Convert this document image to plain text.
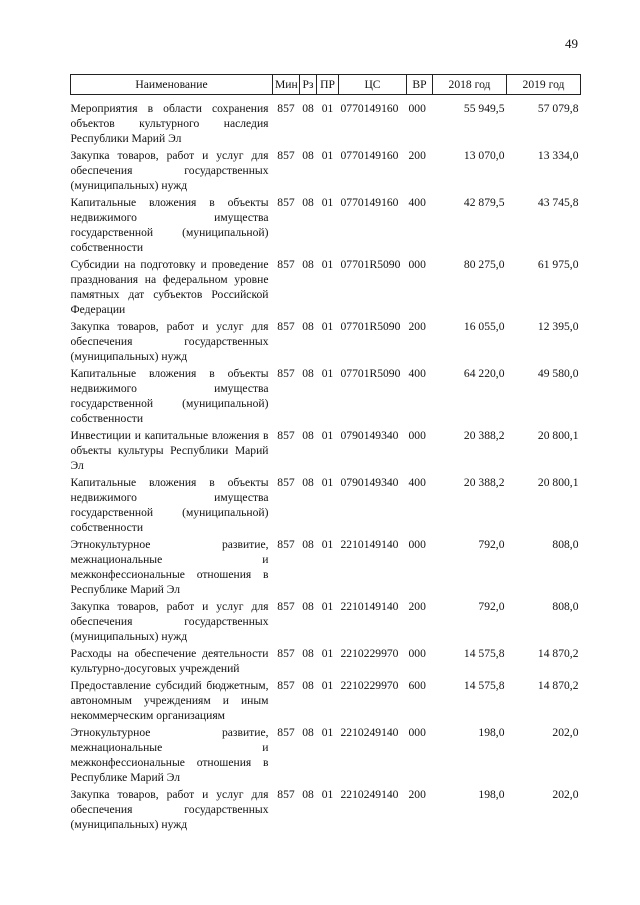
49
Наименование	Мин	Рз	ПР	ЦС	ВР	2018 год	2019 год
Мероприятия в области сохранения объектов культурного наследия Республики Марий Эл	857	08	01	0770149160	000	55 949,5	57 079,8
Закупка товаров, работ и услуг для обеспечения государственных (муниципальных) нужд	857	08	01	0770149160	200	13 070,0	13 334,0
Капитальные вложения в объекты недвижимого имущества государственной (муниципальной) собственности	857	08	01	0770149160	400	42 879,5	43 745,8
Субсидии на подготовку и проведение празднования на федеральном уровне памятных дат субъектов Российской Федерации	857	08	01	07701R5090	000	80 275,0	61 975,0
Закупка товаров, работ и услуг для обеспечения государственных (муниципальных) нужд	857	08	01	07701R5090	200	16 055,0	12 395,0
Капитальные вложения в объекты недвижимого имущества государственной (муниципальной) собственности	857	08	01	07701R5090	400	64 220,0	49 580,0
Инвестиции и капитальные вложения в объекты культуры Республики Марий Эл	857	08	01	0790149340	000	20 388,2	20 800,1
Капитальные вложения в объекты недвижимого имущества государственной (муниципальной) собственности	857	08	01	0790149340	400	20 388,2	20 800,1
Этнокультурное развитие, межнациональные и межконфессиональные отношения в Республике Марий Эл	857	08	01	2210149140	000	792,0	808,0
Закупка товаров, работ и услуг для обеспечения государственных (муниципальных) нужд	857	08	01	2210149140	200	792,0	808,0
Расходы на обеспечение деятельности культурно-досуговых учреждений	857	08	01	2210229970	000	14 575,8	14 870,2
Предоставление субсидий бюджетным, автономным учреждениям и иным некоммерческим организациям	857	08	01	2210229970	600	14 575,8	14 870,2
Этнокультурное развитие, межнациональные и межконфессиональные отношения в Республике Марий Эл	857	08	01	2210249140	000	198,0	202,0
Закупка товаров, работ и услуг для обеспечения государственных (муниципальных) нужд	857	08	01	2210249140	200	198,0	202,0
